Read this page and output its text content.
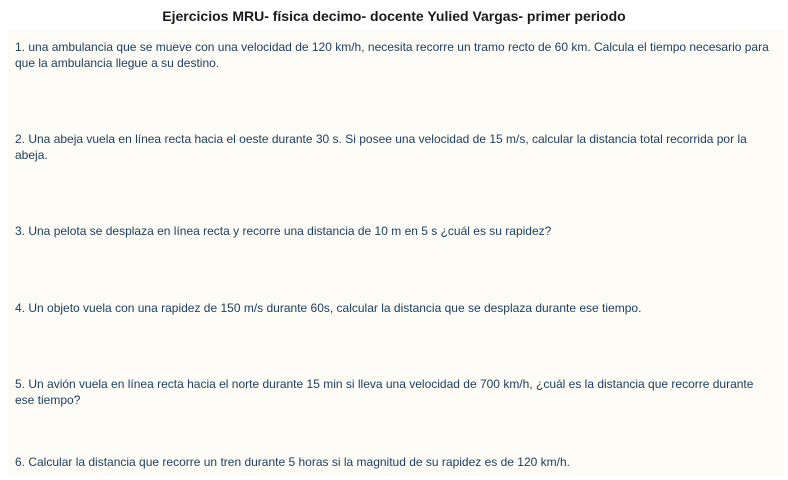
Ejercicios MRU- física decimo- docente Yulied Vargas- primer periodo
1. una ambulancia que se mueve con una velocidad de 120 km/h, necesita recorre un tramo recto de 60 km. Calcula el tiempo necesario para que la ambulancia llegue a su destino.
2. Una abeja vuela en línea recta hacia el oeste durante 30 s. Si posee una velocidad de 15 m/s, calcular la distancia total recorrida por la abeja.
3. Una pelota se desplaza en línea recta y recorre una distancia de 10 m en 5 s ¿cuál es su rapidez?
4. Un objeto vuela con una rapidez de 150 m/s durante 60s, calcular la distancia que se desplaza durante ese tiempo.
5. Un avión vuela en línea recta hacia el norte durante 15 min si lleva una velocidad de 700 km/h, ¿cuál es la distancia que recorre durante ese tiempo?
6. Calcular la distancia que recorre un tren durante 5 horas si la magnitud de su rapidez es de 120 km/h.
